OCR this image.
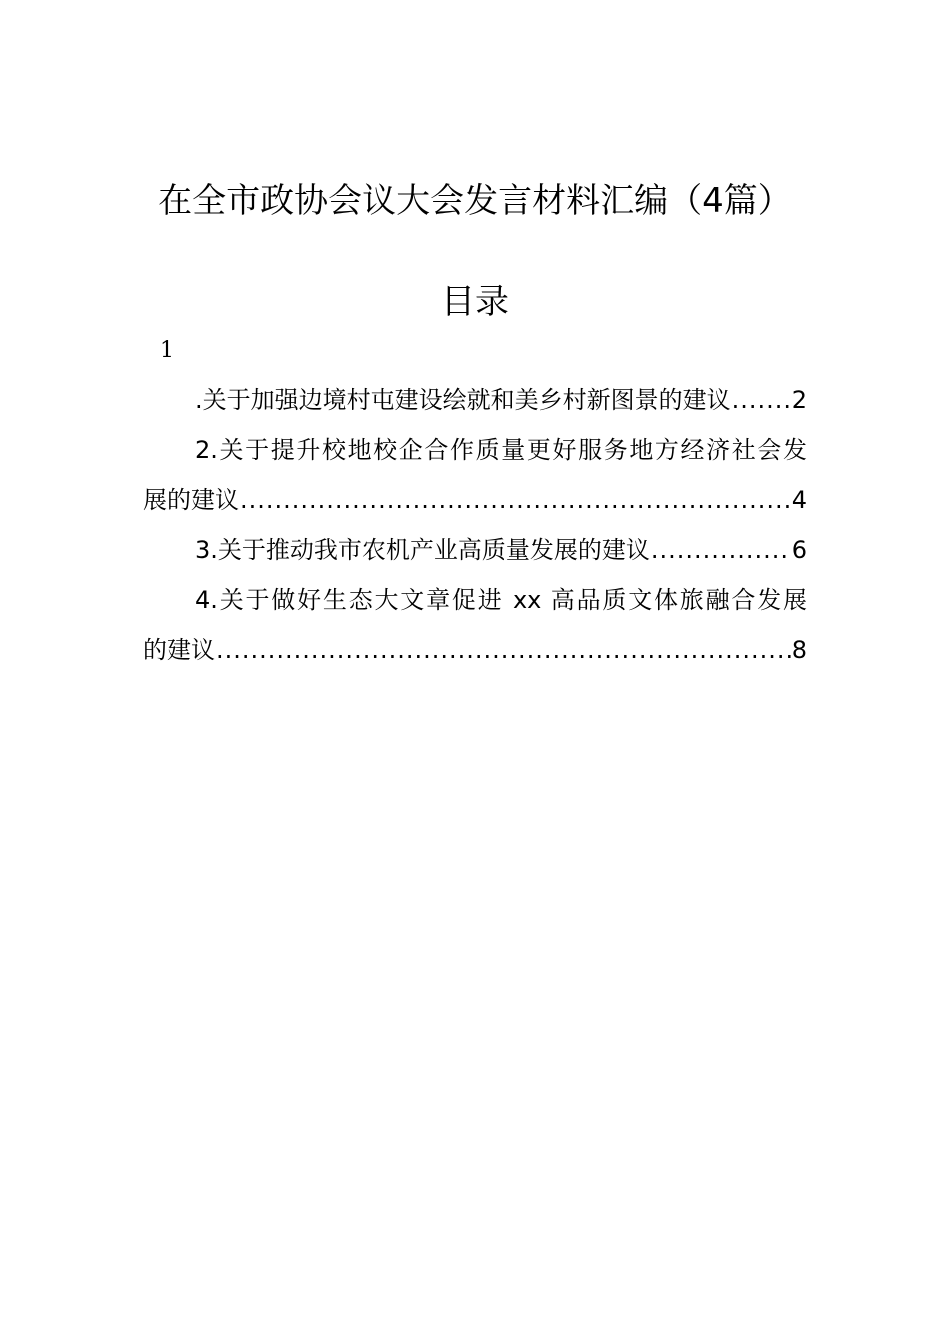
在全市政协会议大会发言材料汇编（4篇）
目录
1
.关于加强边境村屯建设绘就和美乡村新图景的建议 .....	2
2.关于提升校地校企合作质量更好服务地方经济社会发
展的建议 .....	4
3.关于推动我市农机产业高质量发展的建议 .....	6
4.关于做好生态大文章促进 xx 高品质文体旅融合发展
的建议 .....	8
